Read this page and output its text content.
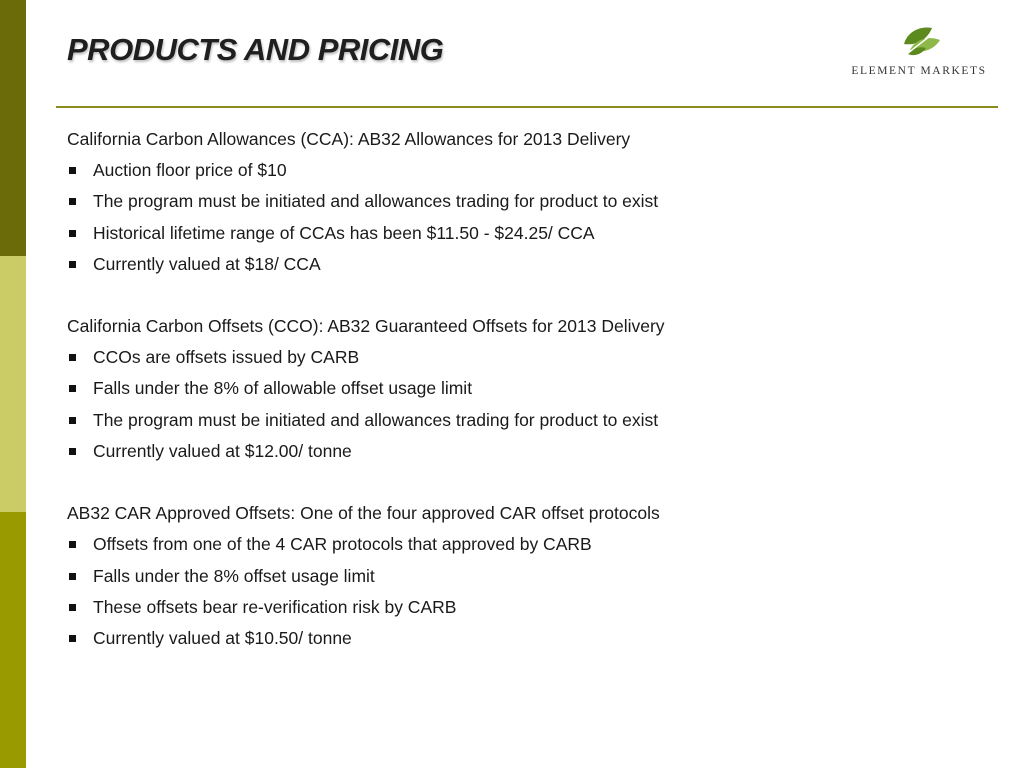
PRODUCTS AND PRICING
ELEMENT MARKETS
California Carbon Allowances (CCA): AB32 Allowances for 2013 Delivery
Auction floor price of $10
The program must be initiated and allowances trading for product to exist
Historical lifetime range of CCAs has been $11.50 - $24.25/ CCA
Currently valued at $18/ CCA
California Carbon Offsets (CCO): AB32 Guaranteed Offsets for 2013 Delivery
CCOs are offsets issued by CARB
Falls under the 8% of allowable offset usage limit
The program must be initiated and allowances trading for product to exist
Currently valued at $12.00/ tonne
AB32 CAR Approved Offsets: One of the four approved CAR offset protocols
Offsets from one of the 4 CAR protocols that approved by CARB
Falls under the 8% offset usage limit
These offsets bear re-verification risk by CARB
Currently valued at $10.50/ tonne
